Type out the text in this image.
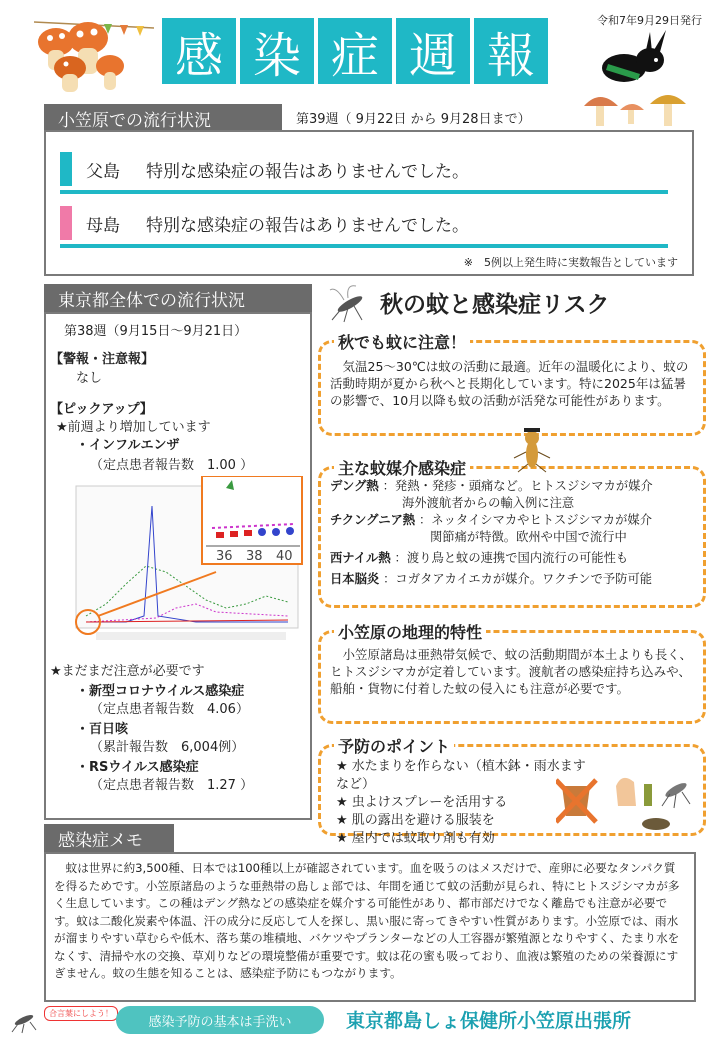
感 染 症 週 報
令和7年9月29日発行
小笠原での流行状況	第39週（ 9月22日 から 9月28日まで）
父島 特別な感染症の報告はありませんでした。
母島 特別な感染症の報告はありませんでした。
※　5例以上発生時に実数報告としています
東京都全体での流行状況
第38週（9月15日～9月21日）
【警報・注意報】
なし
【ピックアップ】
★前週より増加しています
・インフルエンザ
（定点患者報告数　1.00 ）
36 38 40
★まだまだ注意が必要です
・新型コロナウイルス感染症
（定点患者報告数　4.06）
・百日咳
（累計報告数　6,004例）
・RSウイルス感染症
（定点患者報告数　1.27 ）
秋の蚊と感染症リスク
秋でも蚊に注意！
　気温25～30℃は蚊の活動に最適。近年の温暖化により、蚊の活動時期が夏から秋へと長期化しています。特に2025年は猛暑の影響で、10月以降も蚊の活動が活発な可能性があります。
主な蚊媒介感染症
デング熱 ：発熱・発疹・頭痛など。ヒトスジシマカが媒介
海外渡航者からの輸入例に注意
チクングニア熱 ：ネッタイシマカやヒトスジシマカが媒介
関節痛が特徴。欧州や中国で流行中
西ナイル熱 ：渡り鳥と蚊の連携で国内流行の可能性も
日本脳炎 ：コガタアカイエカが媒介。ワクチンで予防可能
小笠原の地理的特性
　小笠原諸島は亜熱帯気候で、蚊の活動期間が本土よりも長く、ヒトスジシマカが定着しています。渡航者の感染症持ち込みや、船舶・貨物に付着した蚊の侵入にも注意が必要です。
予防のポイント
★ 水たまりを作らない（植木鉢・雨水ますなど）
★ 虫よけスプレーを活用する
★ 肌の露出を避ける服装を
★ 屋内では蚊取り剤も有効
感染症メモ
　蚊は世界に約3,500種、日本では100種以上が確認されています。血を吸うのはメスだけで、産卵に必要なタンパク質を得るためです。小笠原諸島のような亜熱帯の島しょ部では、年間を通じて蚊の活動が見られ、特にヒトスジシマカが多く生息しています。この種はデング熱などの感染症を媒介する可能性があり、都市部だけでなく離島でも注意が必要です。蚊は二酸化炭素や体温、汗の成分に反応して人を探し、黒い服に寄ってきやすい性質があります。小笠原では、雨水が溜まりやすい草むらや低木、落ち葉の堆積地、バケツやプランターなどの人工容器が繁殖源となりやすく、たまり水をなくす、清掃や水の交換、草刈りなどの環境整備が重要です。蚊は花の蜜も吸っており、血液は繁殖のための栄養源にすぎません。蚊の生態を知ることは、感染症予防にもつながります。
合言葉にしよう！
感染予防の基本は手洗い	東京都島しょ保健所小笠原出張所
